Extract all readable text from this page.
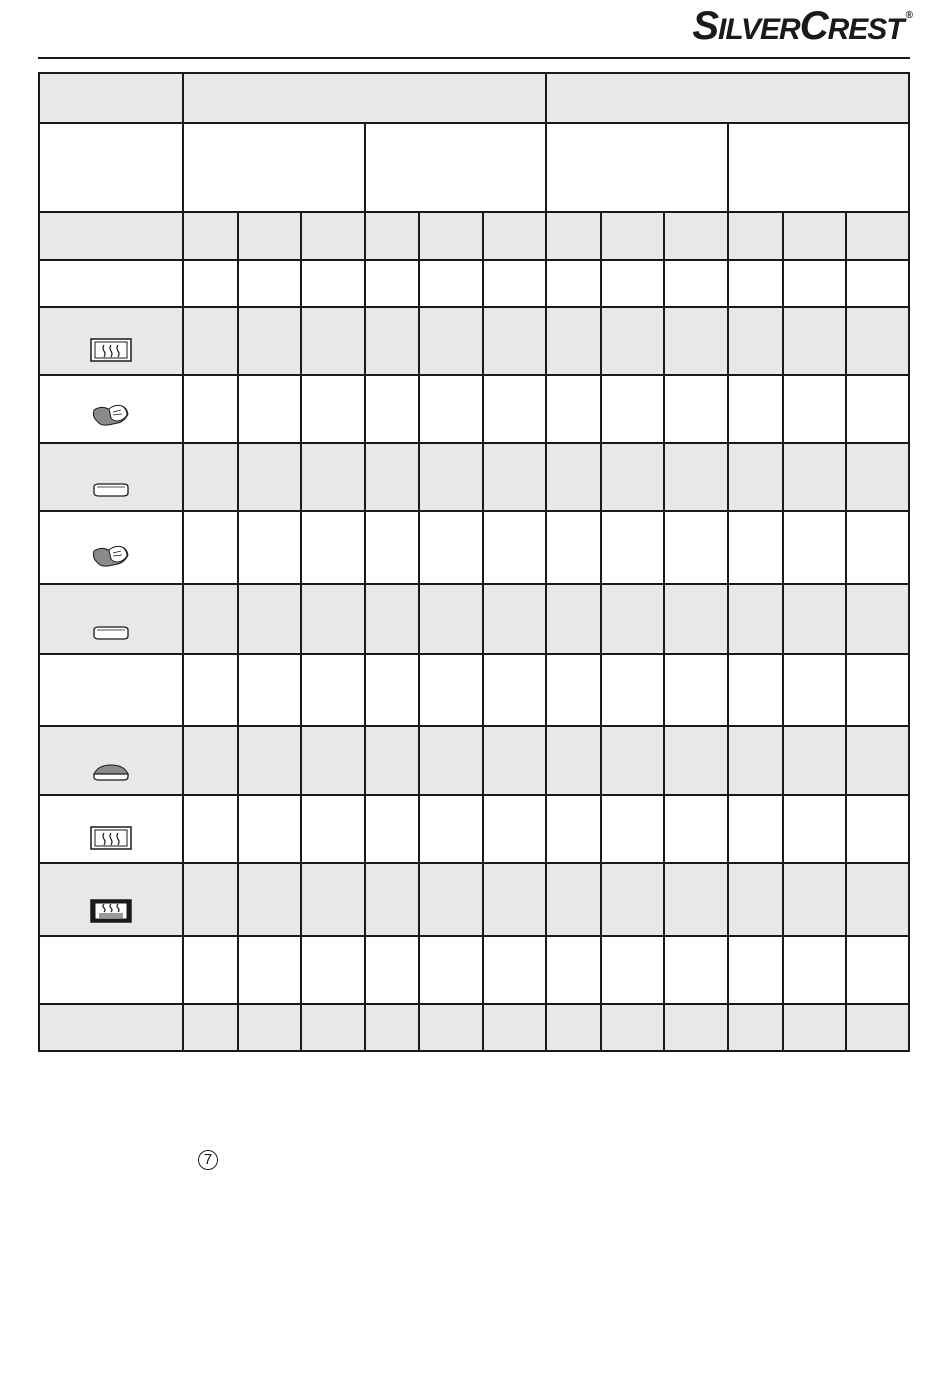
SILVERCREST ®
7
